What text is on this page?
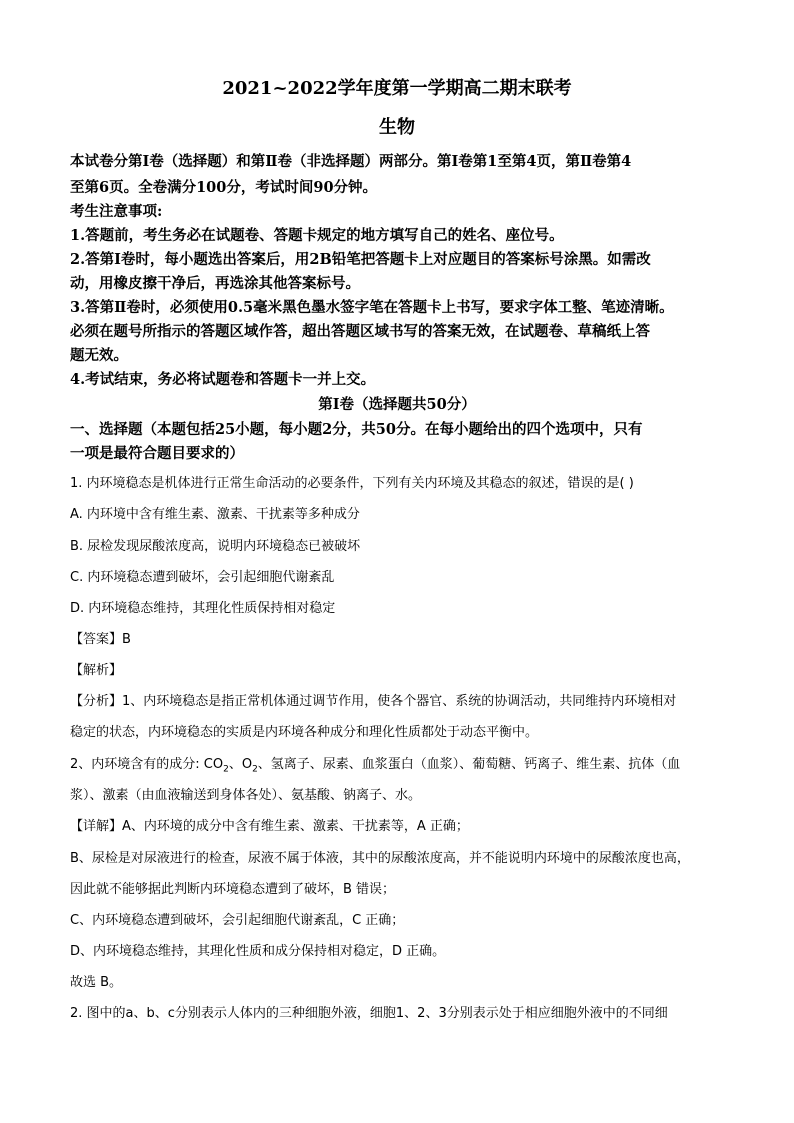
2021~2022学年度第一学期高二期末联考
生物
本试卷分第Ⅰ卷（选择题）和第Ⅱ卷（非选择题）两部分。第Ⅰ卷第1至第4页，第Ⅱ卷第4
至第6页。全卷满分100分，考试时间90分钟。
考生注意事项:
1.答题前，考生务必在试题卷、答题卡规定的地方填写自己的姓名、座位号。
2.答第Ⅰ卷时，每小题选出答案后，用2B铅笔把答题卡上对应题目的答案标号涂黑。如需改
动，用橡皮擦干净后，再选涂其他答案标号。
3.答第Ⅱ卷时，必须使用0.5毫米黑色墨水签字笔在答题卡上书写，要求字体工整、笔迹清晰。
必须在题号所指示的答题区域作答，超出答题区域书写的答案无效，在试题卷、草稿纸上答
题无效。
4.考试结束，务必将试题卷和答题卡一并上交。
第Ⅰ卷（选择题共50分）
一、选择题（本题包括25小题，每小题2分，共50分。在每小题给出的四个选项中，只有
一项是最符合题目要求的）
1. 内环境稳态是机体进行正常生命活动的必要条件，下列有关内环境及其稳态的叙述，错误的是( )
A. 内环境中含有维生素、激素、干扰素等多种成分
B. 尿检发现尿酸浓度高，说明内环境稳态已被破坏
C. 内环境稳态遭到破坏，会引起细胞代谢紊乱
D. 内环境稳态维持，其理化性质保持相对稳定
【答案】B
【解析】
【分析】1、内环境稳态是指正常机体通过调节作用，使各个器官、系统的协调活动，共同维持内环境相对
稳定的状态，内环境稳态的实质是内环境各种成分和理化性质都处于动态平衡中。
2、内环境含有的成分: $CO_2$、$O_2$、氢离子、尿素、血浆蛋白（血浆）、葡萄糖、钙离子、维生素、抗体（血
浆）、激素（由血液输送到身体各处）、氨基酸、钠离子、水。
【详解】A、内环境的成分中含有维生素、激素、干扰素等，A 正确；
B、尿检是对尿液进行的检查，尿液不属于体液，其中的尿酸浓度高，并不能说明内环境中的尿酸浓度也高，
因此就不能够据此判断内环境稳态遭到了破坏，B 错误；
C、内环境稳态遭到破坏，会引起细胞代谢紊乱，C 正确；
D、内环境稳态维持，其理化性质和成分保持相对稳定，D 正确。
故选 B。
2. 图中的a、b、c分别表示人体内的三种细胞外液，细胞1、2、3分别表示处于相应细胞外液中的不同细
